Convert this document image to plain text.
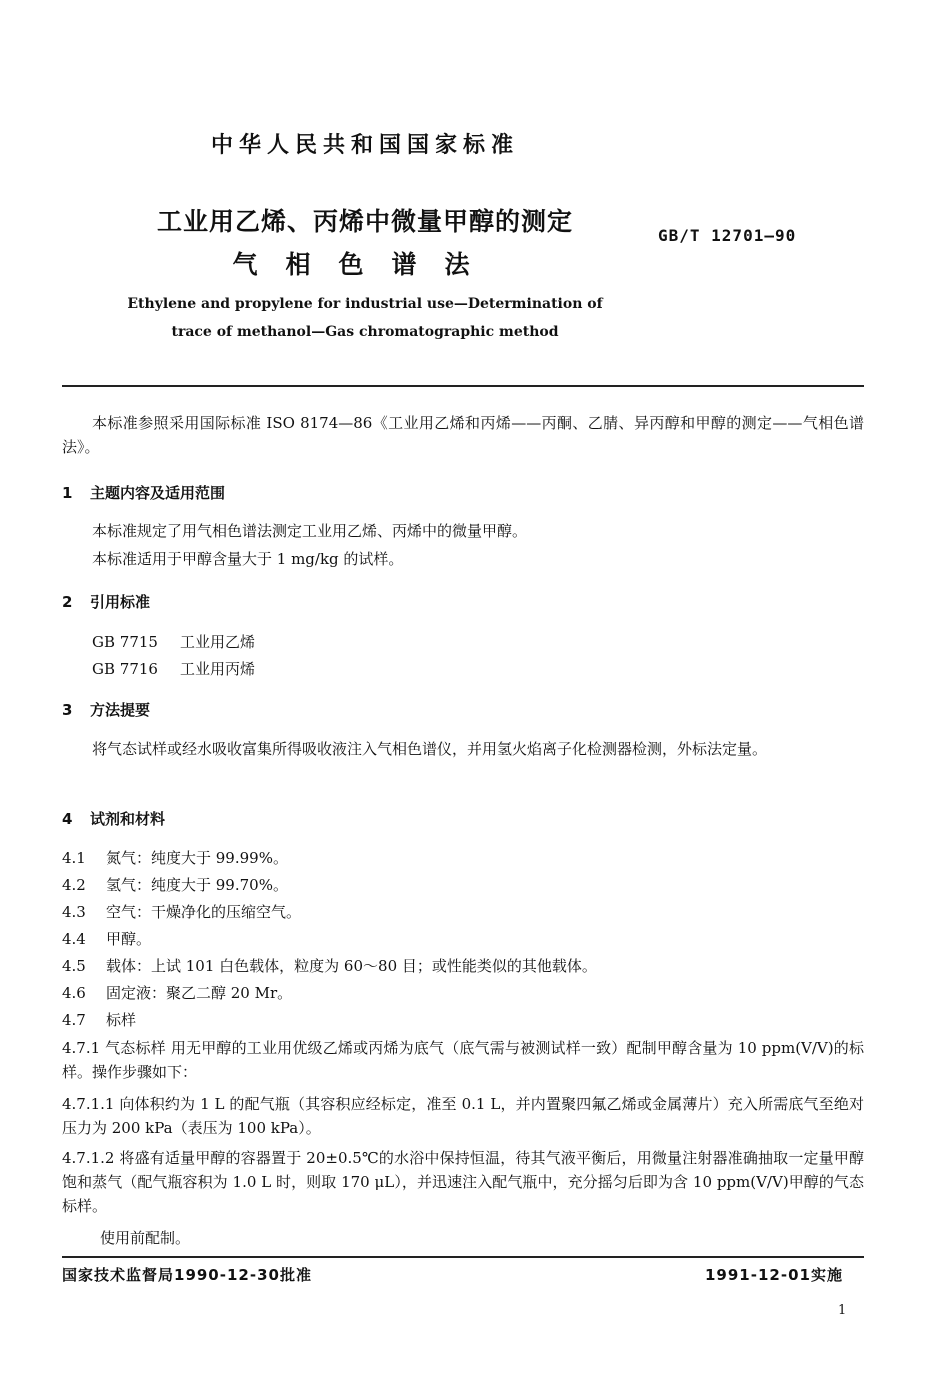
中华人民共和国国家标准
工业用乙烯、丙烯中微量甲醇的测定
气相色谱法
GB/T 12701—90
Ethylene and propylene for industrial use—Determination of
trace of methanol—Gas chromatographic method
本标准参照采用国际标准 ISO 8174—86《工业用乙烯和丙烯——丙酮、乙腈、异丙醇和甲醇的测定——气相色谱法》。
1 主题内容及适用范围
本标准规定了用气相色谱法测定工业用乙烯、丙烯中的微量甲醇。
本标准适用于甲醇含量大于 1 mg/kg 的试样。
2 引用标准
GB 7715 工业用乙烯
GB 7716 工业用丙烯
3 方法提要
将气态试样或经水吸收富集所得吸收液注入气相色谱仪，并用氢火焰离子化检测器检测，外标法定量。
4 试剂和材料
4.1 氮气：纯度大于 99.99%。
4.2 氢气：纯度大于 99.70%。
4.3 空气：干燥净化的压缩空气。
4.4 甲醇。
4.5 载体：上试 101 白色载体，粒度为 60～80 目；或性能类似的其他载体。
4.6 固定液：聚乙二醇 20 Mr。
4.7 标样
4.7.1 气态标样 用无甲醇的工业用优级乙烯或丙烯为底气（底气需与被测试样一致）配制甲醇含量为 10 ppm(V/V)的标样。操作步骤如下：
4.7.1.1 向体积约为 1 L 的配气瓶（其容积应经标定，准至 0.1 L，并内置聚四氟乙烯或金属薄片）充入所需底气至绝对压力为 200 kPa（表压为 100 kPa）。
4.7.1.2 将盛有适量甲醇的容器置于 20±0.5℃的水浴中保持恒温，待其气液平衡后，用微量注射器准确抽取一定量甲醇饱和蒸气（配气瓶容积为 1.0 L 时，则取 170 μL），并迅速注入配气瓶中，充分摇匀后即为含 10 ppm(V/V)甲醇的气态标样。
使用前配制。
国家技术监督局1990-12-30批准	1991-12-01实施
1
